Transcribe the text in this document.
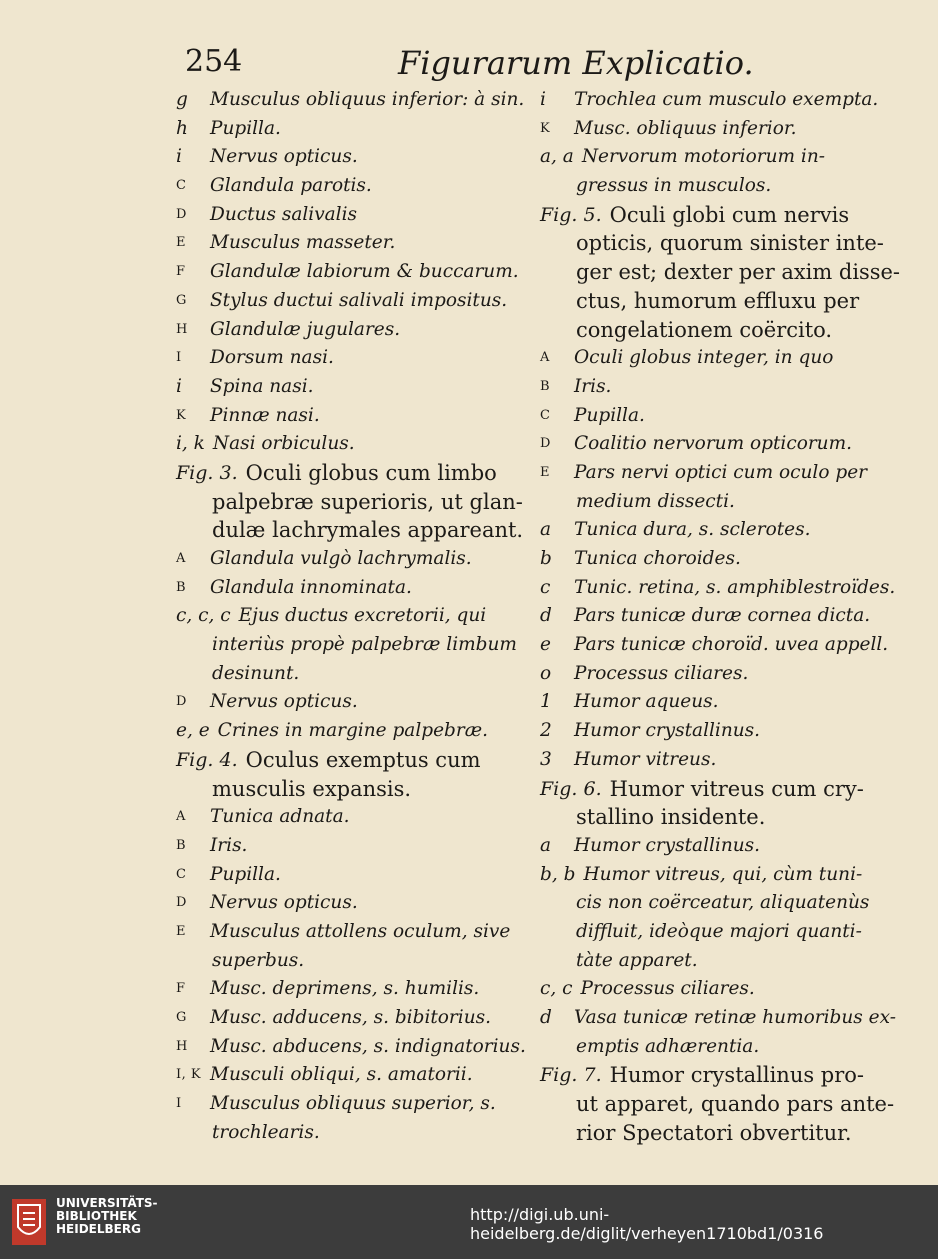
254	Figurarum Explicatio.
g Musculus obliquus inferior: à sin.
h Pupilla.
i Nervus opticus.
C Glandula parotis.
D Ductus salivalis
E Musculus masseter.
F Glandulæ labiorum & buccarum.
G Stylus ductui salivali impositus.
H Glandulæ jugulares.
I Dorsum nasi.
i Spina nasi.
K Pinnæ nasi.
i, k Nasi orbiculus.
Fig. 3. Oculi globus cum limbo
palpebræ superioris, ut glan-
dulæ lachrymales appareant.
A Glandula vulgò lachrymalis.
B Glandula innominata.
c, c, c Ejus ductus excretorii, qui
interiùs propè palpebræ limbum
desinunt.
D Nervus opticus.
e, e Crines in margine palpebræ.
Fig. 4. Oculus exemptus cum
musculis expansis.
A Tunica adnata.
B Iris.
C Pupilla.
D Nervus opticus.
E Musculus attollens oculum, sive
superbus.
F Musc. deprimens, s. humilis.
G Musc. adducens, s. bibitorius.
H Musc. abducens, s. indignatorius.
I, K Musculi obliqui, s. amatorii.
I Musculus obliquus superior, s.
trochlearis.
i Trochlea cum musculo exempta.
K Musc. obliquus inferior.
a, a Nervorum motoriorum in-
gressus in musculos.
Fig. 5. Oculi globi cum nervis
opticis, quorum sinister inte-
ger est; dexter per axim disse-
ctus, humorum effluxu per
congelationem coërcito.
A Oculi globus integer, in quo
B Iris.
C Pupilla.
D Coalitio nervorum opticorum.
E Pars nervi optici cum oculo per
medium dissecti.
a Tunica dura, s. sclerotes.
b Tunica choroides.
c Tunic. retina, s. amphiblestroïdes.
d Pars tunicæ duræ cornea dicta.
e Pars tunicæ choroïd. uvea appell.
o Processus ciliares.
1 Humor aqueus.
2 Humor crystallinus.
3 Humor vitreus.
Fig. 6. Humor vitreus cum cry-
stallino insidente.
a Humor crystallinus.
b, b Humor vitreus, qui, cùm tuni-
cis non coërceatur, aliquatenùs
diffluit, ideòque majori quanti-
tàte apparet.
c, c Processus ciliares.
d Vasa tunicæ retinæ humoribus ex-
emptis adhærentia.
Fig. 7. Humor crystallinus pro-
ut apparet, quando pars ante-
rior Spectatori obvertitur.
UNIVERSITÄTS-
BIBLIOTHEK
HEIDELBERG
http://digi.ub.uni-heidelberg.de/diglit/verheyen1710bd1/0316
